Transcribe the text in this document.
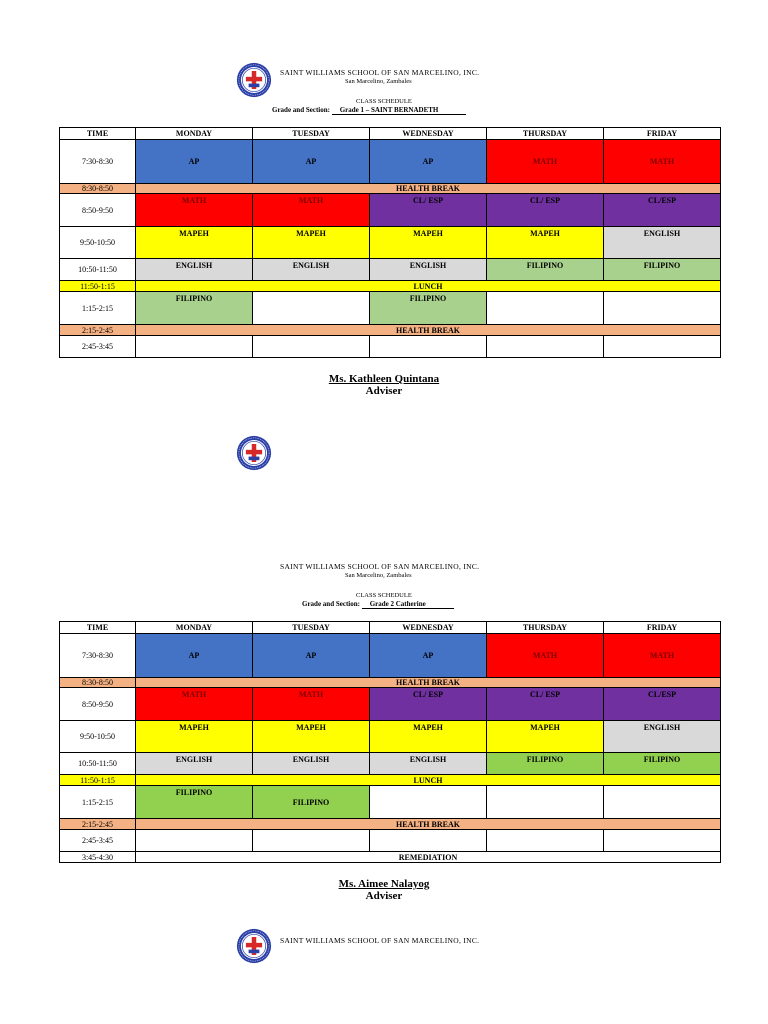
SAINT WILLIAMS SCHOOL OF SAN MARCELINO, INC.
San Marcelino, Zambales
CLASS SCHEDULE
Grade and Section: Grade 1 – SAINT BERNADETH
TIME	MONDAY	TUESDAY	WEDNESDAY	THURSDAY	FRIDAY
7:30-8:30	AP	AP	AP	MATH	MATH
8:30-8:50	HEALTH BREAK				
8:50-9:50	MATH	MATH	CL/ ESP	CL/ ESP	CL/ESP
9:50-10:50	MAPEH	MAPEH	MAPEH	MAPEH	ENGLISH
10:50-11:50	ENGLISH	ENGLISH	ENGLISH	FILIPINO	FILIPINO
11:50-1:15	LUNCH				
1:15-2:15	FILIPINO		FILIPINO		
2:15-2:45	HEALTH BREAK				
2:45-3:45					
Ms. Kathleen Quintana
Adviser
SAINT WILLIAMS SCHOOL OF SAN MARCELINO, INC.
San Marcelino, Zambales
CLASS SCHEDULE
Grade and Section: Grade 2 Catherine
TIME	MONDAY	TUESDAY	WEDNESDAY	THURSDAY	FRIDAY
7:30-8:30	AP	AP	AP	MATH	MATH
8:30-8:50	HEALTH BREAK				
8:50-9:50	MATH	MATH	CL/ ESP	CL/ ESP	CL/ESP
9:50-10:50	MAPEH	MAPEH	MAPEH	MAPEH	ENGLISH
10:50-11:50	ENGLISH	ENGLISH	ENGLISH	FILIPINO	FILIPINO
11:50-1:15	LUNCH				
1:15-2:15	FILIPINO	FILIPINO			
2:15-2:45	HEALTH BREAK				
2:45-3:45					
3:45-4:30	REMEDIATION				
Ms. Aimee Nalayog
Adviser
SAINT WILLIAMS SCHOOL OF SAN MARCELINO, INC.
